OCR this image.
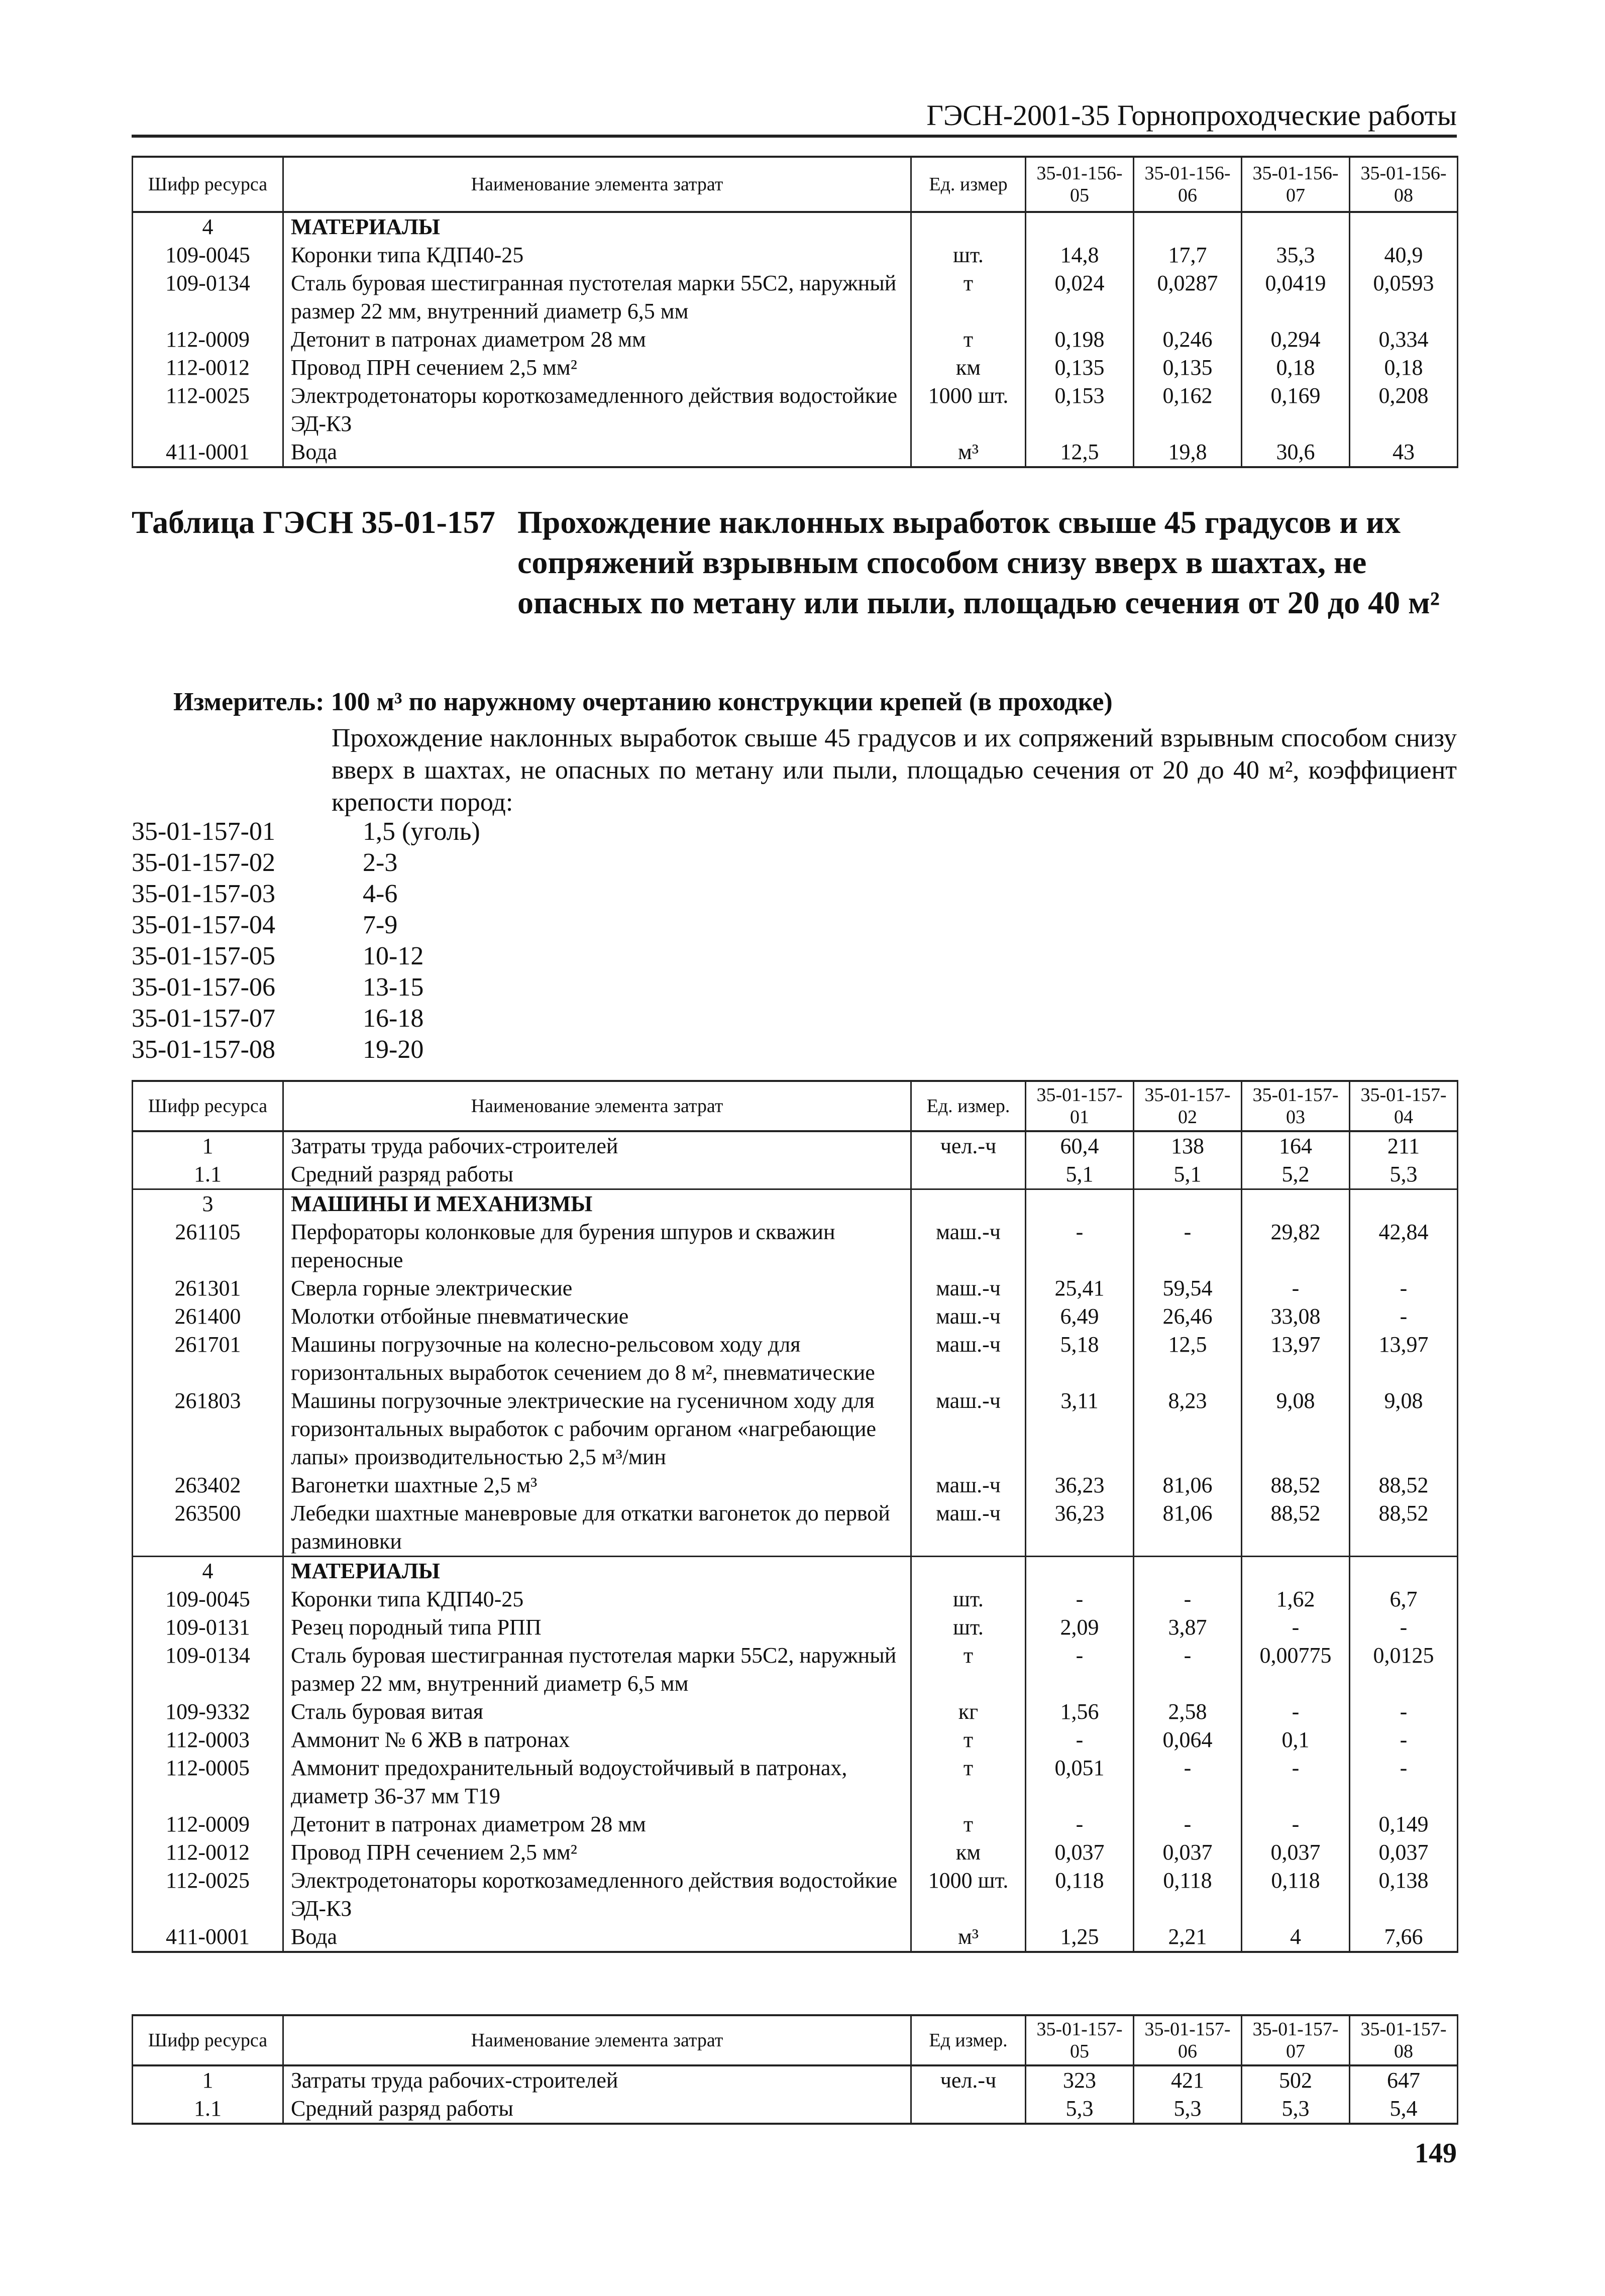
ГЭСН-2001-35 Горнопроходческие работы
Шифр ресурса	Наименование элемента затрат	Ед. измер	35-01-156-05	35-01-156-06	35-01-156-07	35-01-156-08
4	МАТЕРИАЛЫ					
109-0045	Коронки типа КДП40-25	шт.	14,8	17,7	35,3	40,9
109-0134	Сталь буровая шестигранная пустотелая марки 55С2, наружный размер 22 мм, внутренний диаметр 6,5 мм	т	0,024	0,0287	0,0419	0,0593
112-0009	Детонит в патронах диаметром 28 мм	т	0,198	0,246	0,294	0,334
112-0012	Провод ПРН сечением 2,5 мм²	км	0,135	0,135	0,18	0,18
112-0025	Электродетонаторы короткозамедленного действия водостойкие ЭД-КЗ	1000 шт.	0,153	0,162	0,169	0,208
411-0001	Вода	м³	12,5	19,8	30,6	43
Таблица ГЭСН 35-01-157 Прохождение наклонных выработок свыше 45 градусов и их сопряжений взрывным способом снизу вверх в шахтах, не опасных по метану или пыли, площадью сечения от 20 до 40 м²
Измеритель: 100 м³ по наружному очертанию конструкции крепей (в проходке)
Прохождение наклонных выработок свыше 45 градусов и их сопряжений взрывным способом снизу вверх в шахтах, не опасных по метану или пыли, площадью сечения от 20 до 40 м², коэффициент крепости пород:
35-01-157-01	1,5 (уголь)
35-01-157-02	2-3
35-01-157-03	4-6
35-01-157-04	7-9
35-01-157-05	10-12
35-01-157-06	13-15
35-01-157-07	16-18
35-01-157-08	19-20
Шифр ресурса	Наименование элемента затрат	Ед. измер.	35-01-157-01	35-01-157-02	35-01-157-03	35-01-157-04
1	Затраты труда рабочих-строителей	чел.-ч	60,4	138	164	211
1.1	Средний разряд работы		5,1	5,1	5,2	5,3
3	МАШИНЫ И МЕХАНИЗМЫ					
261105	Перфораторы колонковые для бурения шпуров и скважин переносные	маш.-ч	-	-	29,82	42,84
261301	Сверла горные электрические	маш.-ч	25,41	59,54	-	-
261400	Молотки отбойные пневматические	маш.-ч	6,49	26,46	33,08	-
261701	Машины погрузочные на колесно-рельсовом ходу для горизонтальных выработок сечением до 8 м², пневматические	маш.-ч	5,18	12,5	13,97	13,97
261803	Машины погрузочные электрические на гусеничном ходу для горизонтальных выработок с рабочим органом «нагребающие лапы» производительностью 2,5 м³/мин	маш.-ч	3,11	8,23	9,08	9,08
263402	Вагонетки шахтные 2,5 м³	маш.-ч	36,23	81,06	88,52	88,52
263500	Лебедки шахтные маневровые для откатки вагонеток до первой разминовки	маш.-ч	36,23	81,06	88,52	88,52
4	МАТЕРИАЛЫ					
109-0045	Коронки типа КДП40-25	шт.	-	-	1,62	6,7
109-0131	Резец породный типа РПП	шт.	2,09	3,87	-	-
109-0134	Сталь буровая шестигранная пустотелая марки 55С2, наружный размер 22 мм, внутренний диаметр 6,5 мм	т	-	-	0,00775	0,0125
109-9332	Сталь буровая витая	кг	1,56	2,58	-	-
112-0003	Аммонит № 6 ЖВ в патронах	т	-	0,064	0,1	-
112-0005	Аммонит предохранительный водоустойчивый в патронах, диаметр 36-37 мм Т19	т	0,051	-	-	-
112-0009	Детонит в патронах диаметром 28 мм	т	-	-	-	0,149
112-0012	Провод ПРН сечением 2,5 мм²	км	0,037	0,037	0,037	0,037
112-0025	Электродетонаторы короткозамедленного действия водостойкие ЭД-КЗ	1000 шт.	0,118	0,118	0,118	0,138
411-0001	Вода	м³	1,25	2,21	4	7,66
Шифр ресурса	Наименование элемента затрат	Ед измер.	35-01-157-05	35-01-157-06	35-01-157-07	35-01-157-08
1	Затраты труда рабочих-строителей	чел.-ч	323	421	502	647
1.1	Средний разряд работы		5,3	5,3	5,3	5,4
149
